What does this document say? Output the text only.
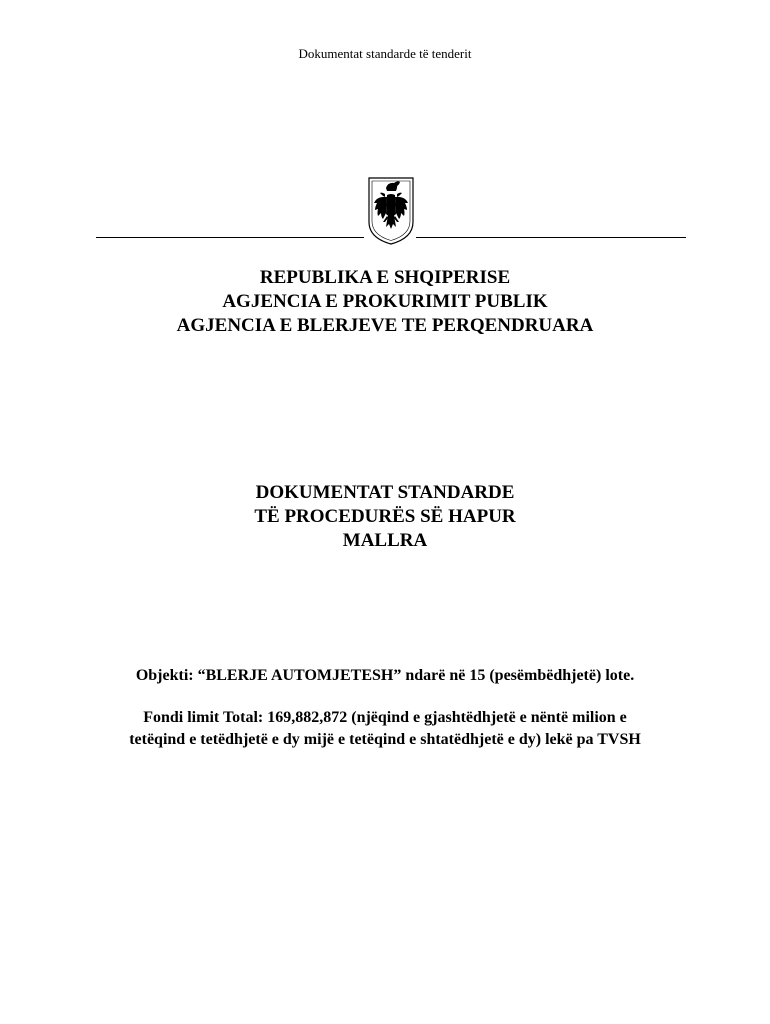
Dokumentat standarde të tenderit
REPUBLIKA E SHQIPERISE
AGJENCIA E PROKURIMIT PUBLIK
AGJENCIA E BLERJEVE TE PERQENDRUARA
DOKUMENTAT STANDARDE
TË PROCEDURËS SË HAPUR
MALLRA
Objekti: “BLERJE AUTOMJETESH” ndarë në 15 (pesëmbëdhjetë) lote.
Fondi limit Total: 169,882,872 (njëqind e gjashtëdhjetë e nëntë milion e
tetëqind e tetëdhjetë e dy mijë e tetëqind e shtatëdhjetë e dy) lekë pa TVSH
